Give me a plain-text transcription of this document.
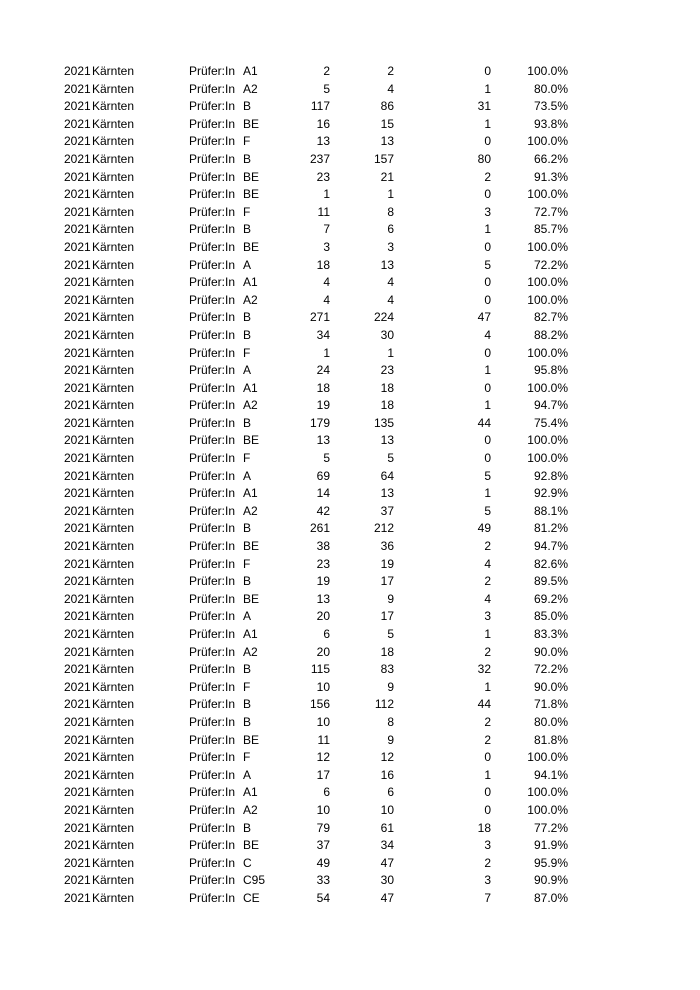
2021 Kärnten	Prüfer:In A1	2	2	0	100.0%
2021 Kärnten	Prüfer:In A2	5	4	1	80.0%
2021 Kärnten	Prüfer:In B	117	86	31	73.5%
2021 Kärnten	Prüfer:In BE	16	15	1	93.8%
2021 Kärnten	Prüfer:In F	13	13	0	100.0%
2021 Kärnten	Prüfer:In B	237	157	80	66.2%
2021 Kärnten	Prüfer:In BE	23	21	2	91.3%
2021 Kärnten	Prüfer:In BE	1	1	0	100.0%
2021 Kärnten	Prüfer:In F	11	8	3	72.7%
2021 Kärnten	Prüfer:In B	7	6	1	85.7%
2021 Kärnten	Prüfer:In BE	3	3	0	100.0%
2021 Kärnten	Prüfer:In A	18	13	5	72.2%
2021 Kärnten	Prüfer:In A1	4	4	0	100.0%
2021 Kärnten	Prüfer:In A2	4	4	0	100.0%
2021 Kärnten	Prüfer:In B	271	224	47	82.7%
2021 Kärnten	Prüfer:In B	34	30	4	88.2%
2021 Kärnten	Prüfer:In F	1	1	0	100.0%
2021 Kärnten	Prüfer:In A	24	23	1	95.8%
2021 Kärnten	Prüfer:In A1	18	18	0	100.0%
2021 Kärnten	Prüfer:In A2	19	18	1	94.7%
2021 Kärnten	Prüfer:In B	179	135	44	75.4%
2021 Kärnten	Prüfer:In BE	13	13	0	100.0%
2021 Kärnten	Prüfer:In F	5	5	0	100.0%
2021 Kärnten	Prüfer:In A	69	64	5	92.8%
2021 Kärnten	Prüfer:In A1	14	13	1	92.9%
2021 Kärnten	Prüfer:In A2	42	37	5	88.1%
2021 Kärnten	Prüfer:In B	261	212	49	81.2%
2021 Kärnten	Prüfer:In BE	38	36	2	94.7%
2021 Kärnten	Prüfer:In F	23	19	4	82.6%
2021 Kärnten	Prüfer:In B	19	17	2	89.5%
2021 Kärnten	Prüfer:In BE	13	9	4	69.2%
2021 Kärnten	Prüfer:In A	20	17	3	85.0%
2021 Kärnten	Prüfer:In A1	6	5	1	83.3%
2021 Kärnten	Prüfer:In A2	20	18	2	90.0%
2021 Kärnten	Prüfer:In B	115	83	32	72.2%
2021 Kärnten	Prüfer:In F	10	9	1	90.0%
2021 Kärnten	Prüfer:In B	156	112	44	71.8%
2021 Kärnten	Prüfer:In B	10	8	2	80.0%
2021 Kärnten	Prüfer:In BE	11	9	2	81.8%
2021 Kärnten	Prüfer:In F	12	12	0	100.0%
2021 Kärnten	Prüfer:In A	17	16	1	94.1%
2021 Kärnten	Prüfer:In A1	6	6	0	100.0%
2021 Kärnten	Prüfer:In A2	10	10	0	100.0%
2021 Kärnten	Prüfer:In B	79	61	18	77.2%
2021 Kärnten	Prüfer:In BE	37	34	3	91.9%
2021 Kärnten	Prüfer:In C	49	47	2	95.9%
2021 Kärnten	Prüfer:In C95	33	30	3	90.9%
2021 Kärnten	Prüfer:In CE	54	47	7	87.0%
